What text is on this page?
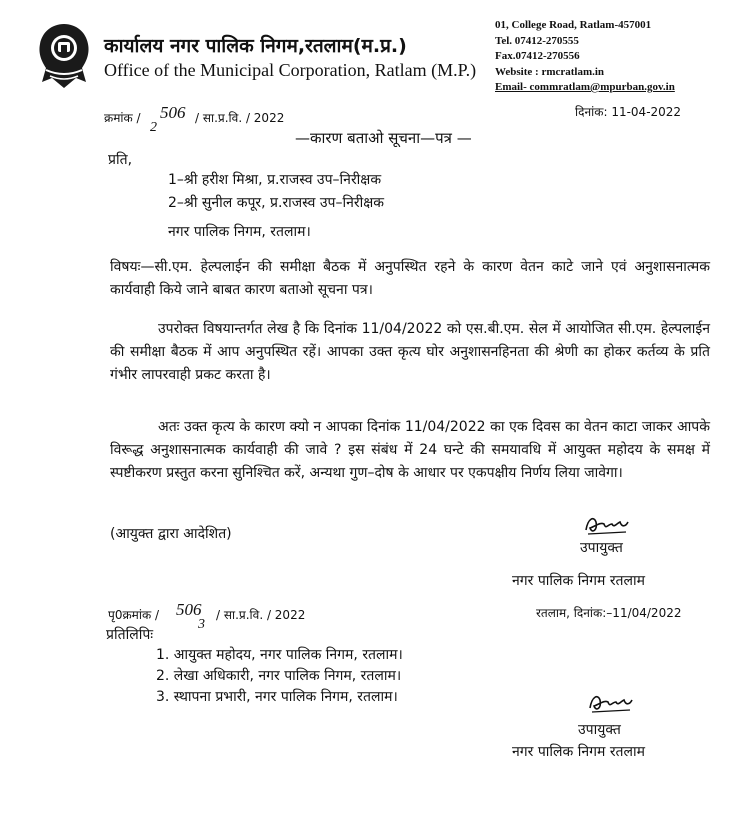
कार्यालय नगर पालिक निगम,रतलाम(म.प्र.)
Office of the Municipal Corporation, Ratlam (M.P.)
01, College Road, Ratlam-457001
Tel. 07412-270555
Fax.07412-270556
Website : rmcratlam.in
Email- commratlam@mpurban.gov.in
क्रमांक / 506
2
/ सा.प्र.वि. / 2022	दिनांक: 11-04-2022
—कारण बताओ सूचना—पत्र —
प्रति,
1–श्री हरीश मिश्रा, प्र.राजस्व उप–निरीक्षक
2–श्री सुनील कपूर, प्र.राजस्व उप–निरीक्षक
नगर पालिक निगम, रतलाम।
विषयः—सी.एम. हेल्पलाईन की समीक्षा बैठक में अनुपस्थित रहने के कारण वेतन काटे जाने एवं अनुशासनात्मक कार्यवाही किये जाने बाबत कारण बताओ सूचना पत्र।
उपरोक्त विषयान्तर्गत लेख है कि दिनांक 11/04/2022 को एस.बी.एम. सेल में आयोजित सी.एम. हेल्पलाईन की समीक्षा बैठक में आप अनुपस्थित रहें। आपका उक्त कृत्य घोर अनुशासनहिनता की श्रेणी का होकर कर्तव्य के प्रति गंभीर लापरवाही प्रकट करता है।
अतः उक्त कृत्य के कारण क्यो न आपका दिनांक 11/04/2022 का एक दिवस का वेतन काटा जाकर आपके विरूद्ध अनुशासनात्मक कार्यवाही की जावे ? इस संबंध में 24 घन्टे की समयावधि में आयुक्त महोदय के समक्ष में स्पष्टीकरण प्रस्तुत करना सुनिश्चित करें, अन्यथा गुण–दोष के आधार पर एकपक्षीय निर्णय लिया जावेगा।
(आयुक्त द्वारा आदेशित)
उपायुक्त
नगर पालिक निगम रतलाम
पृ0क्रमांक / 506 / सा.प्र.वि. / 2022	रतलाम, दिनांक:–11/04/2022
प्रतिलिपिः
3
1. आयुक्त महोदय, नगर पालिक निगम, रतलाम।
2. लेखा अधिकारी, नगर पालिक निगम, रतलाम।
3. स्थापना प्रभारी, नगर पालिक निगम, रतलाम।
उपायुक्त
नगर पालिक निगम रतलाम
